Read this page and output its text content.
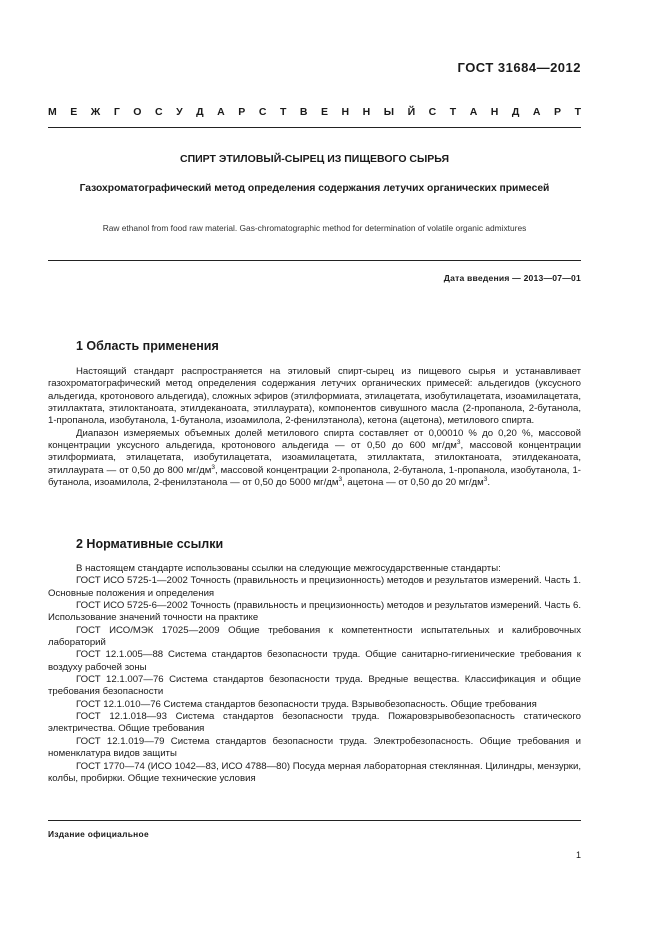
ГОСТ 31684—2012
М Е Ж Г О С У Д А Р С Т В Е Н Н Ы Й С Т А Н Д А Р Т
СПИРТ ЭТИЛОВЫЙ-СЫРЕЦ ИЗ ПИЩЕВОГО СЫРЬЯ
Газохроматографический метод определения содержания летучих органических примесей
Raw ethanol from food raw material. Gas-chromatographic method for determination of volatile organic admixtures
Дата введения — 2013—07—01
1 Область применения

Настоящий стандарт распространяется на этиловый спирт-сырец из пищевого сырья и устанавливает газохроматографический метод определения содержания летучих органических примесей: альдегидов (уксусного альдегида, кротонового альдегида), сложных эфиров (этилформиата, этилацетата, изобутилацетата, изоамилацетата, этиллактата, этилоктаноата, этилдеканоата, этиллаурата), компонентов сивушного масла (2-пропанола, 2-бутанола, 1-пропанола, изобутанола, 1-бутанола, изоамилола, 2-фенилэтанола), кетона (ацетона), метилового спирта.

Диапазон измеряемых объемных долей метилового спирта составляет от 0,00010 % до 0,20 %, массовой концентрации уксусного альдегида, кротонового альдегида — от 0,50 до 600 $мг/дм^3$, массовой концентрации этилформиата, этилацетата, изобутилацетата, изоамилацетата, этиллактата, этилоктаноата, этилдеканоата, этиллаурата — от 0,50 до 800 $мг/дм^3$, массовой концентрации 2-пропанола, 2-бутанола, 1-пропанола, изобутанола, 1-бутанола, изоамилола, 2-фенилэтанола — от 0,50 до 5000 $мг/дм^3$, ацетона — от 0,50 до 20 $мг/дм^3$.

2 Нормативные ссылки

В настоящем стандарте использованы ссылки на следующие межгосударственные стандарты:

ГОСТ ИСО 5725-1—2002 Точность (правильность и прецизионность) методов и результатов измерений. Часть 1. Основные положения и определения

ГОСТ ИСО 5725-6—2002 Точность (правильность и прецизионность) методов и результатов измерений. Часть 6. Использование значений точности на практике

ГОСТ ИСО/МЭК 17025—2009 Общие требования к компетентности испытательных и калибровочных лабораторий

ГОСТ 12.1.005—88 Система стандартов безопасности труда. Общие санитарно-гигиенические требования к воздуху рабочей зоны

ГОСТ 12.1.007—76 Система стандартов безопасности труда. Вредные вещества. Классификация и общие требования безопасности

ГОСТ 12.1.010—76 Система стандартов безопасности труда. Взрывобезопасность. Общие требования

ГОСТ 12.1.018—93 Система стандартов безопасности труда. Пожаровзрывобезопасность статического электричества. Общие требования

ГОСТ 12.1.019—79 Система стандартов безопасности труда. Электробезопасность. Общие требования и номенклатура видов защиты

ГОСТ 1770—74 (ИСО 1042—83, ИСО 4788—80) Посуда мерная лабораторная стеклянная. Цилиндры, мензурки, колбы, пробирки. Общие технические условия

Издание официальное
1
